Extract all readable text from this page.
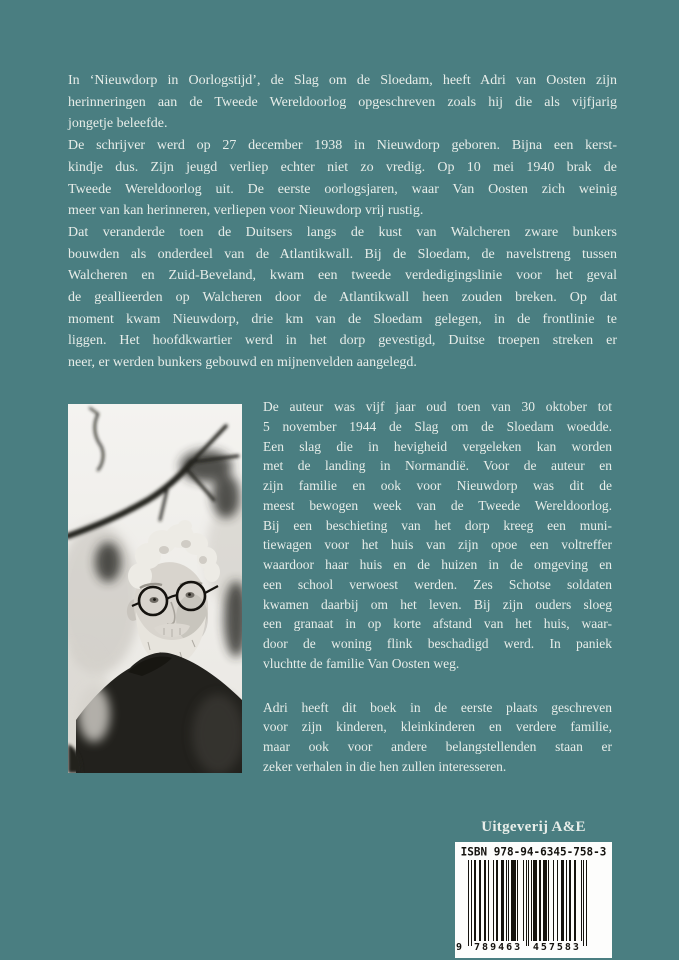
In ‘Nieuwdorp in Oorlogstijd’, de Slag om de Sloedam, heeft Adri van Oosten zijn
herinneringen aan de Tweede Wereldoorlog opgeschreven zoals hij die als vijfjarig
jongetje beleefde.
De schrijver werd op 27 december 1938 in Nieuwdorp geboren. Bijna een kerst-
kindje dus. Zijn jeugd verliep echter niet zo vredig. Op 10 mei 1940 brak de
Tweede Wereldoorlog uit. De eerste oorlogsjaren, waar Van Oosten zich weinig
meer van kan herinneren, verliepen voor Nieuwdorp vrij rustig.
Dat veranderde toen de Duitsers langs de kust van Walcheren zware bunkers
bouwden als onderdeel van de Atlantikwall. Bij de Sloedam, de navelstreng tussen
Walcheren en Zuid-Beveland, kwam een tweede verdedigingslinie voor het geval
de geallieerden op Walcheren door de Atlantikwall heen zouden breken. Op dat
moment kwam Nieuwdorp, drie km van de Sloedam gelegen, in de frontlinie te
liggen. Het hoofdkwartier werd in het dorp gevestigd, Duitse troepen streken er
neer, er werden bunkers gebouwd en mijnenvelden aangelegd.
De auteur was vijf jaar oud toen van 30 oktober tot
5 november 1944 de Slag om de Sloedam woedde.
Een slag die in hevigheid vergeleken kan worden
met de landing in Normandië. Voor de auteur en
zijn familie en ook voor Nieuwdorp was dit de
meest bewogen week van de Tweede Wereldoorlog.
Bij een beschieting van het dorp kreeg een muni-
tiewagen voor het huis van zijn opoe een voltreffer
waardoor haar huis en de huizen in de omgeving en
een school verwoest werden. Zes Schotse soldaten
kwamen daarbij om het leven. Bij zijn ouders sloeg
een granaat in op korte afstand van het huis, waar-
door de woning flink beschadigd werd. In paniek
vluchtte de familie Van Oosten weg.
Adri heeft dit boek in de eerste plaats geschreven
voor zijn kinderen, kleinkinderen en verdere familie,
maar ook voor andere belangstellenden staan er
zeker verhalen in die hen zullen interesseren.
Uitgeverij A&E
ISBN 978-94-6345-758-3
9 789463 457583
